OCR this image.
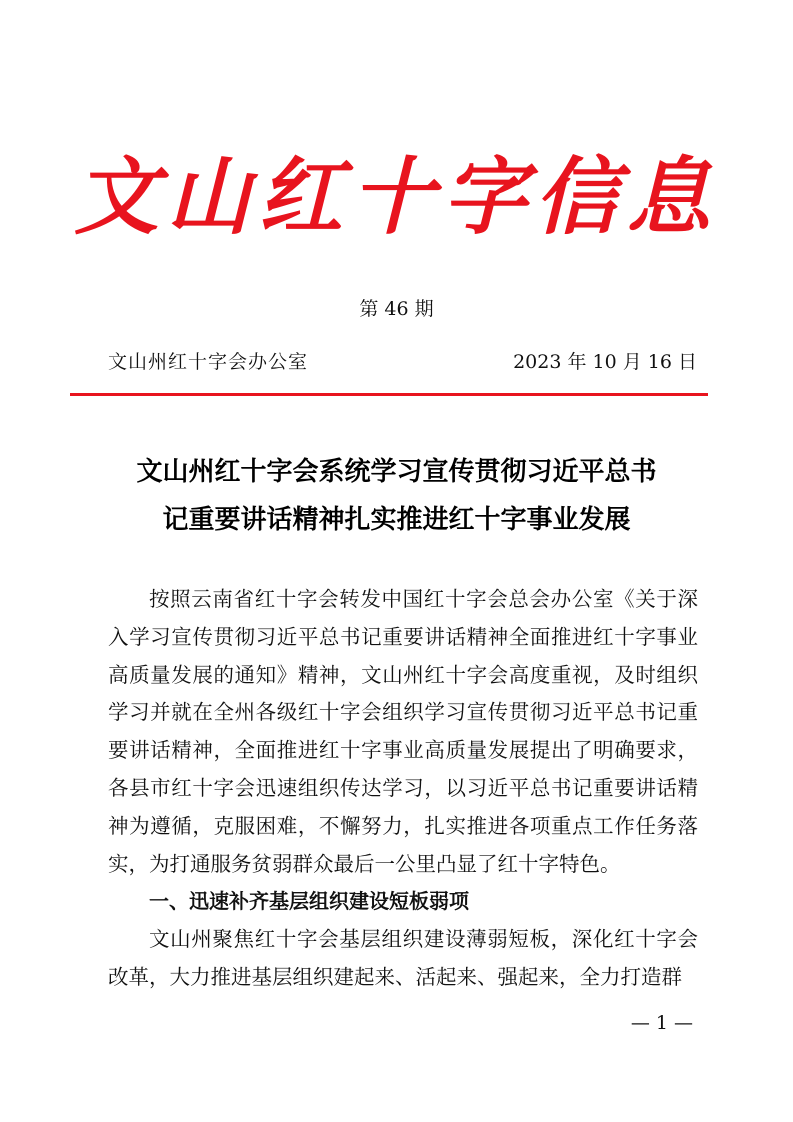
文山红十字信息
第 46 期
文山州红十字会办公室	2023 年 10 月 16 日
文山州红十字会系统学习宣传贯彻习近平总书
记重要讲话精神扎实推进红十字事业发展

按照云南省红十字会转发中国红十字会总会办公室《关于深入学习宣传贯彻习近平总书记重要讲话精神全面推进红十字事业高质量发展的通知》精神，文山州红十字会高度重视，及时组织学习并就在全州各级红十字会组织学习宣传贯彻习近平总书记重要讲话精神，全面推进红十字事业高质量发展提出了明确要求，各县市红十字会迅速组织传达学习，以习近平总书记重要讲话精神为遵循，克服困难，不懈努力，扎实推进各项重点工作任务落实，为打通服务贫弱群众最后一公里凸显了红十字特色。

一、迅速补齐基层组织建设短板弱项

文山州聚焦红十字会基层组织建设薄弱短板，深化红十字会改革，大力推进基层组织建起来、活起来、强起来，全力打造群

— 1 —
